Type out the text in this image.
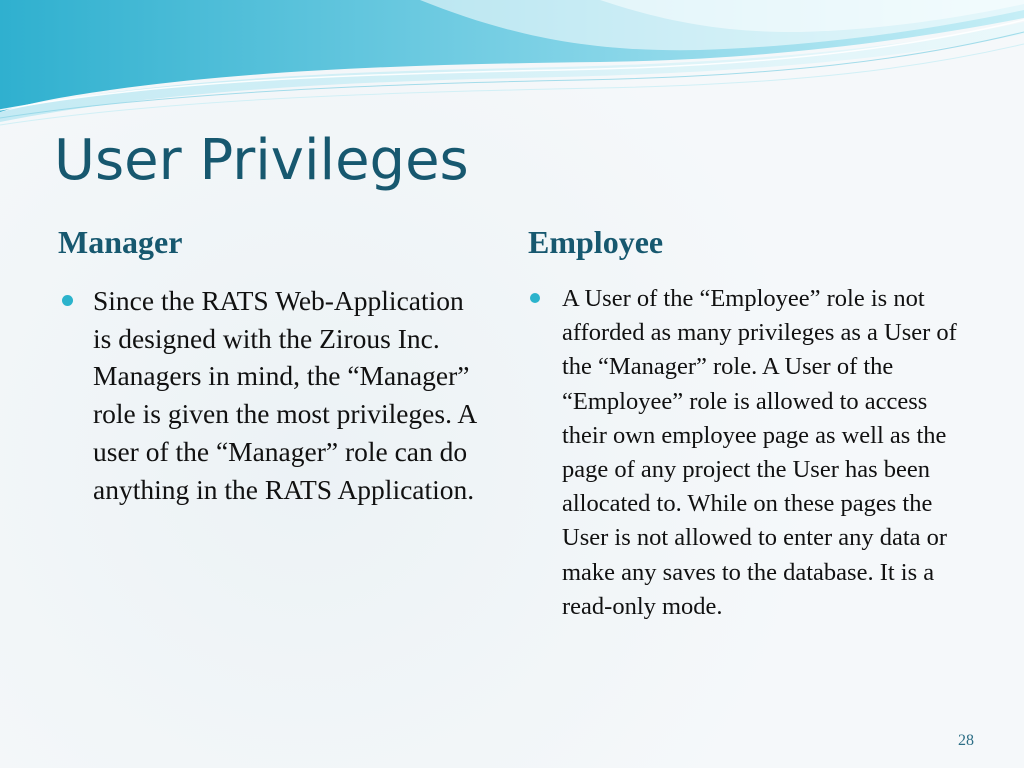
User Privileges
Manager	Employee
Since the RATS Web-Application is designed with the Zirous Inc. Managers in mind, the “Manager” role is given the most privileges. A user of the “Manager” role can do anything in the RATS Application.
A User of the “Employee” role is not afforded as many privileges as a User of the “Manager” role. A User of the “Employee” role is allowed to access their own employee page as well as the page of any project the User has been allocated to. While on these pages the User is not allowed to enter any data or make any saves to the database. It is a read-only mode.
28
